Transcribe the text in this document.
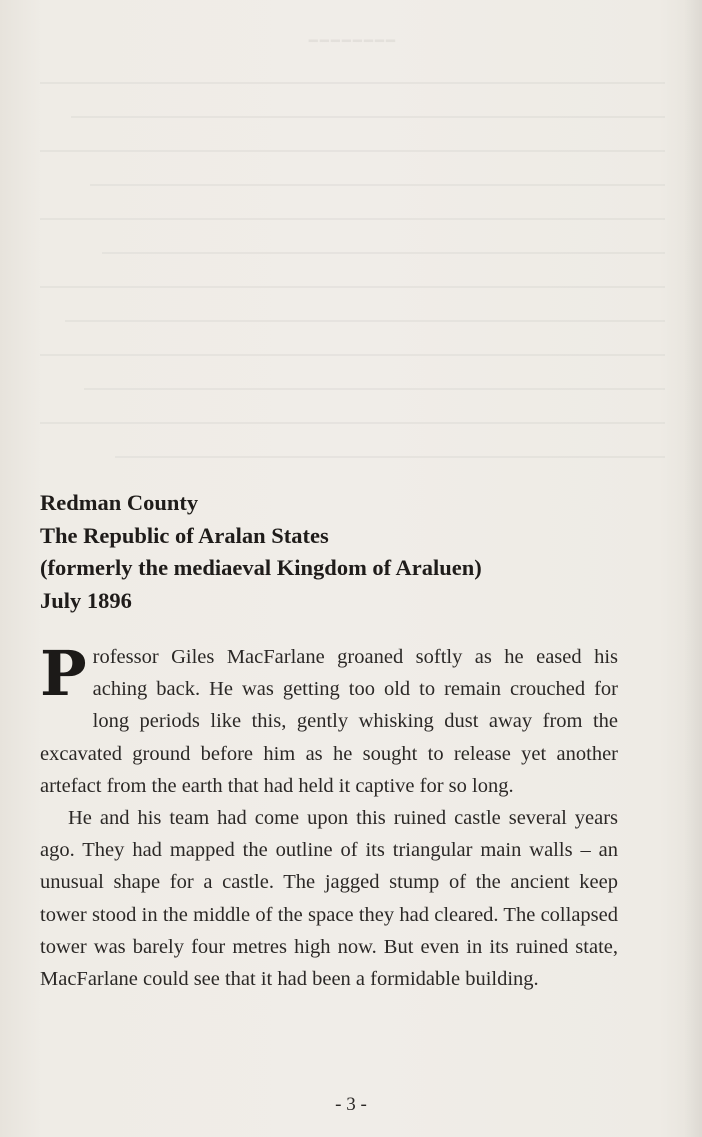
━━━━━━━━
Redman County
The Republic of Aralan States
(formerly the mediaeval Kingdom of Araluen)
July 1896

Professor Giles MacFarlane groaned softly as he eased his aching back. He was getting too old to remain crouched for long periods like this, gently whisking dust away from the excavated ground before him as he sought to release yet another artefact from the earth that had held it captive for so long.

He and his team had come upon this ruined castle several years ago. They had mapped the outline of its triangular main walls – an unusual shape for a castle. The jagged stump of the ancient keep tower stood in the middle of the space they had cleared. The collapsed tower was barely four metres high now. But even in its ruined state, MacFarlane could see that it had been a formidable building.

- 3 -
